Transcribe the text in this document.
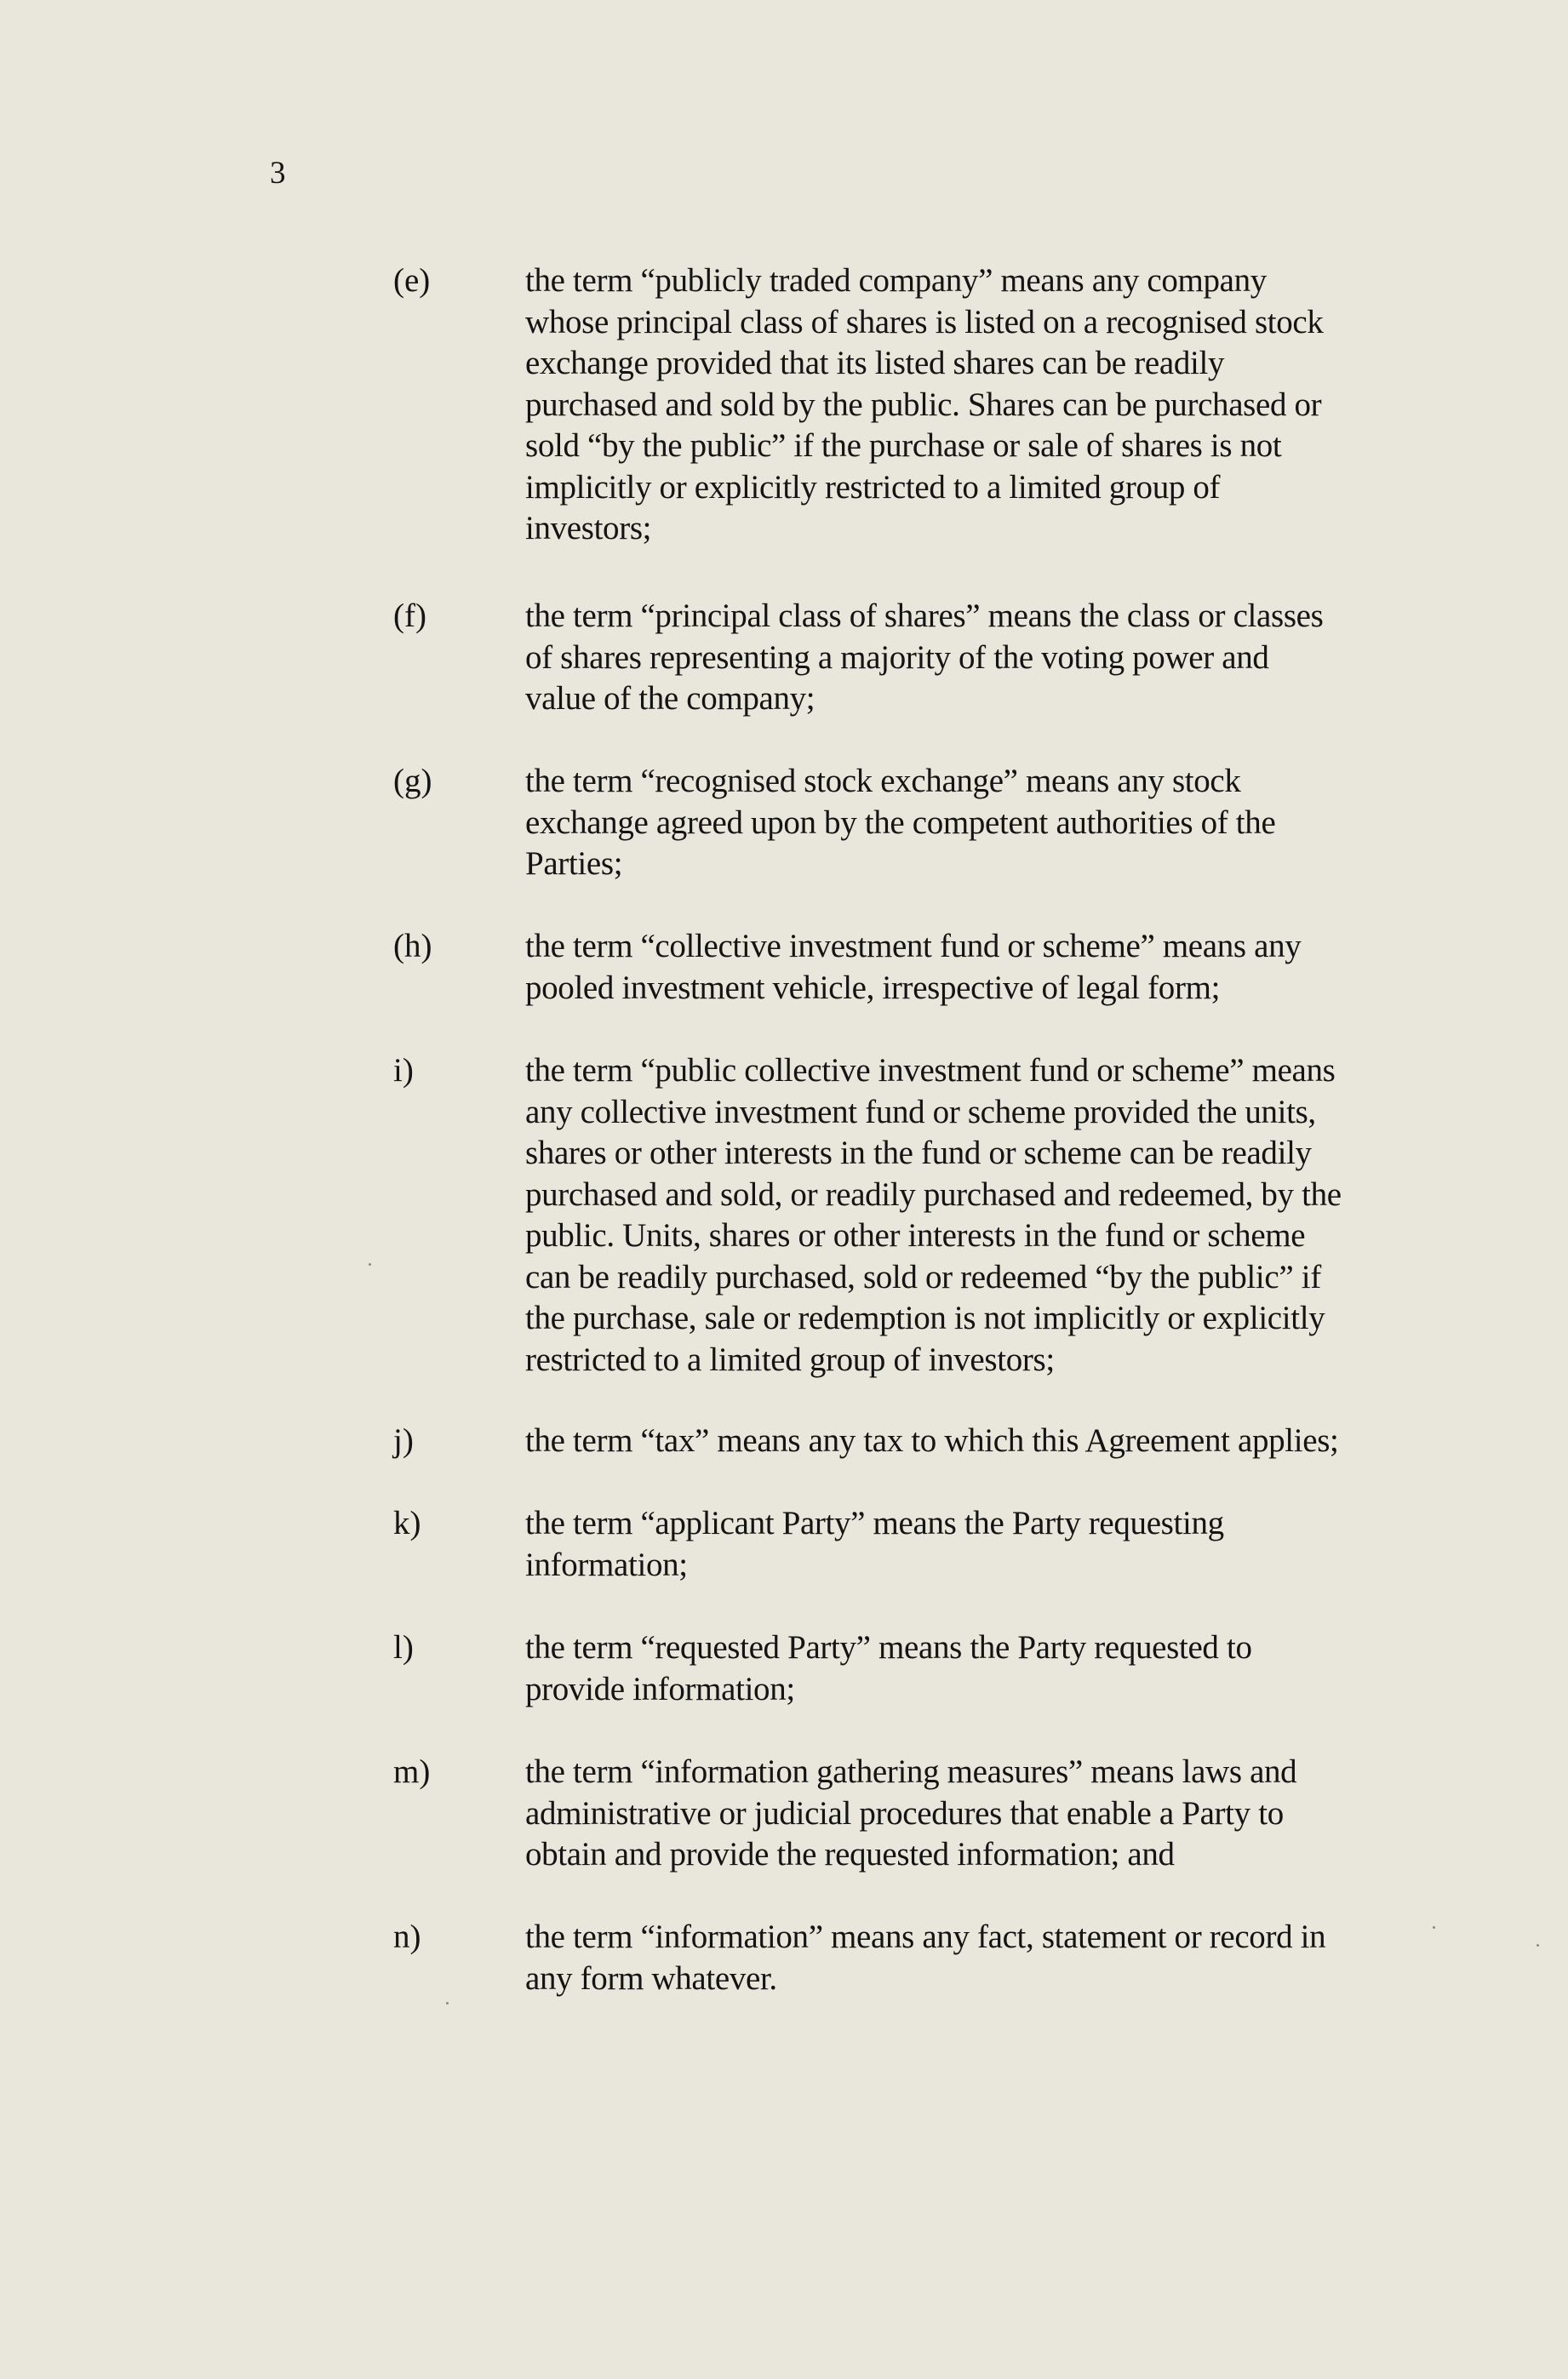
3
(e)	the term “publicly traded company” means any company
whose principal class of shares is listed on a recognised stock
exchange provided that its listed shares can be readily
purchased and sold by the public. Shares can be purchased or
sold “by the public” if the purchase or sale of shares is not
implicitly or explicitly restricted to a limited group of
investors;
(f)	the term “principal class of shares” means the class or classes
of shares representing a majority of the voting power and
value of the company;
(g)	the term “recognised stock exchange” means any stock
exchange agreed upon by the competent authorities of the
Parties;
(h)	the term “collective investment fund or scheme” means any
pooled investment vehicle, irrespective of legal form;
i)	the term “public collective investment fund or scheme” means
any collective investment fund or scheme provided the units,
shares or other interests in the fund or scheme can be readily
purchased and sold, or readily purchased and redeemed, by the
public. Units, shares or other interests in the fund or scheme
can be readily purchased, sold or redeemed “by the public” if
the purchase, sale or redemption is not implicitly or explicitly
restricted to a limited group of investors;
j)	the term “tax” means any tax to which this Agreement applies;
k)	the term “applicant Party” means the Party requesting
information;
l)	the term “requested Party” means the Party requested to
provide information;
m)	the term “information gathering measures” means laws and
administrative or judicial procedures that enable a Party to
obtain and provide the requested information; and
n)	the term “information” means any fact, statement or record in
any form whatever.
